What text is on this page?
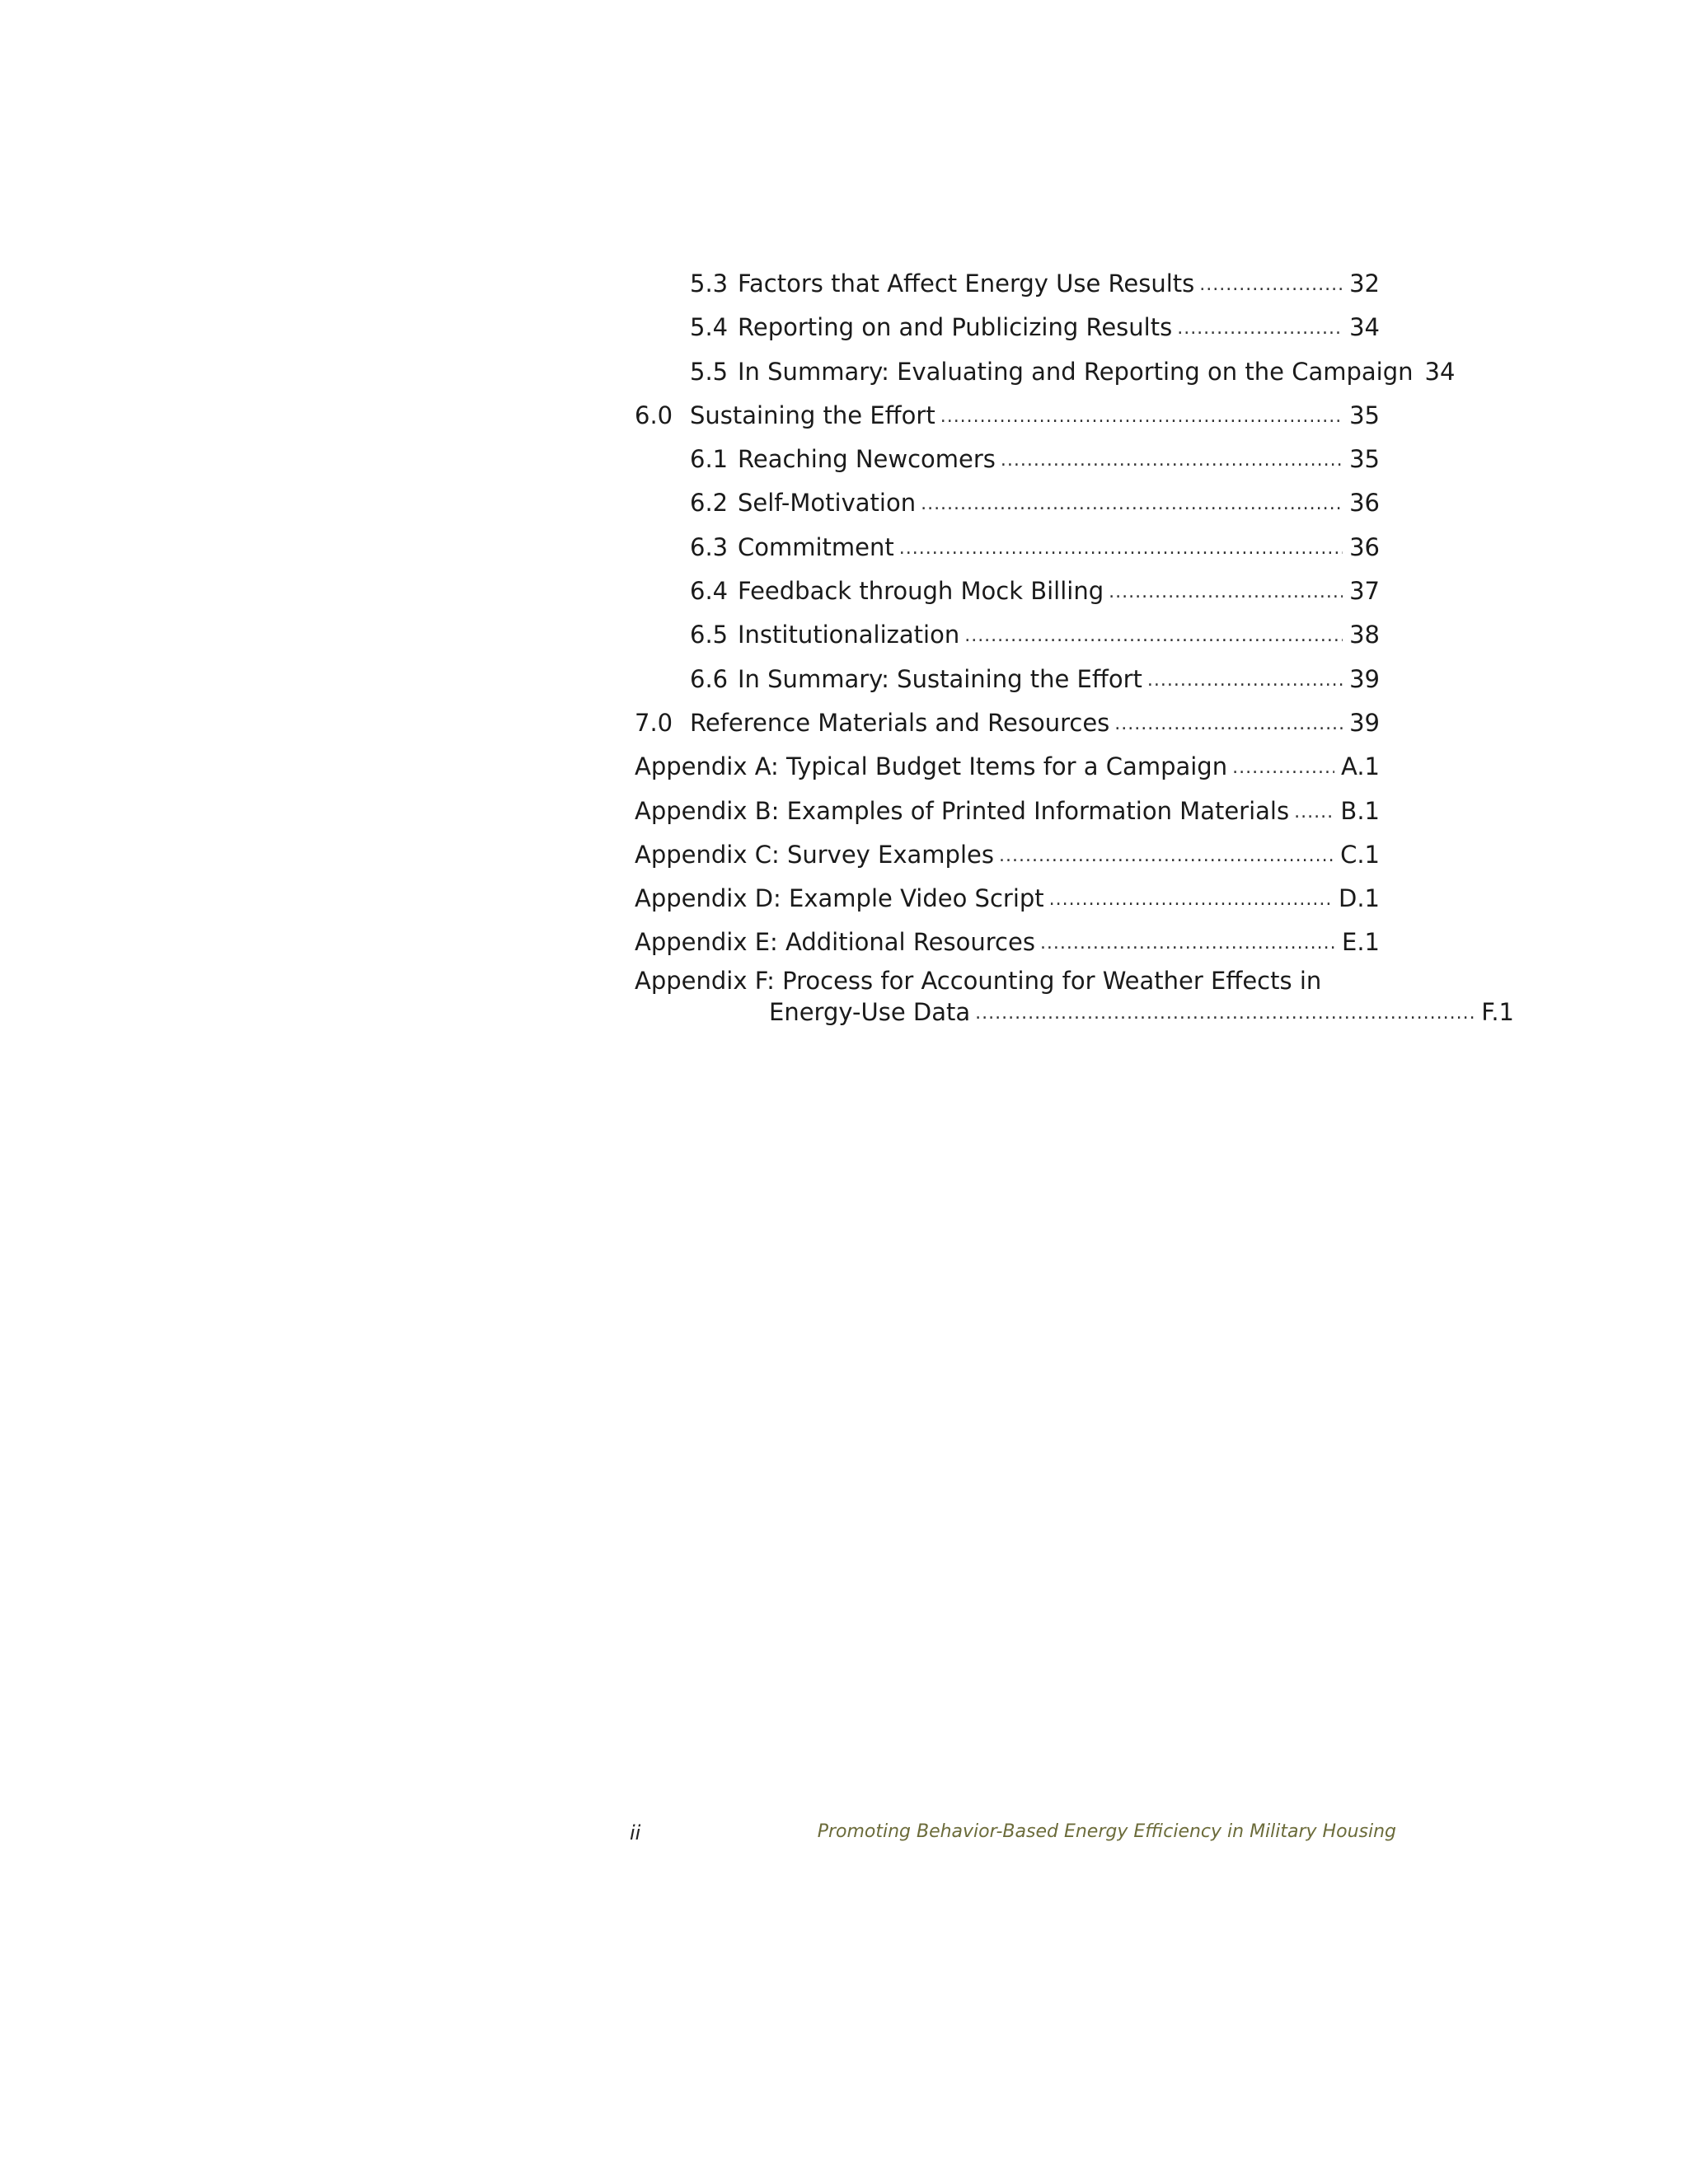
5.3 Factors that Affect Energy Use Results .....	32
5.4 Reporting on and Publicizing Results .....	34
5.5 In Summary: Evaluating and Reporting on the Campaign 34
6.0 Sustaining the Effort .....	35
6.1 Reaching Newcomers .....	35
6.2 Self-Motivation .....	36
6.3 Commitment .....	36
6.4 Feedback through Mock Billing .....	37
6.5 Institutionalization .....	38
6.6 In Summary: Sustaining the Effort .....	39
7.0 Reference Materials and Resources .....	39
Appendix A: Typical Budget Items for a Campaign .....	A.1
Appendix B: Examples of Printed Information Materials ..... B.1
Appendix C: Survey Examples .....	C.1
Appendix D: Example Video Script .....	D.1
Appendix E: Additional Resources .....	E.1
Appendix F: Process for Accounting for Weather Effects in
Energy-Use Data .....	F.1
ii	Promoting Behavior-Based Energy Efficiency in Military Housing
